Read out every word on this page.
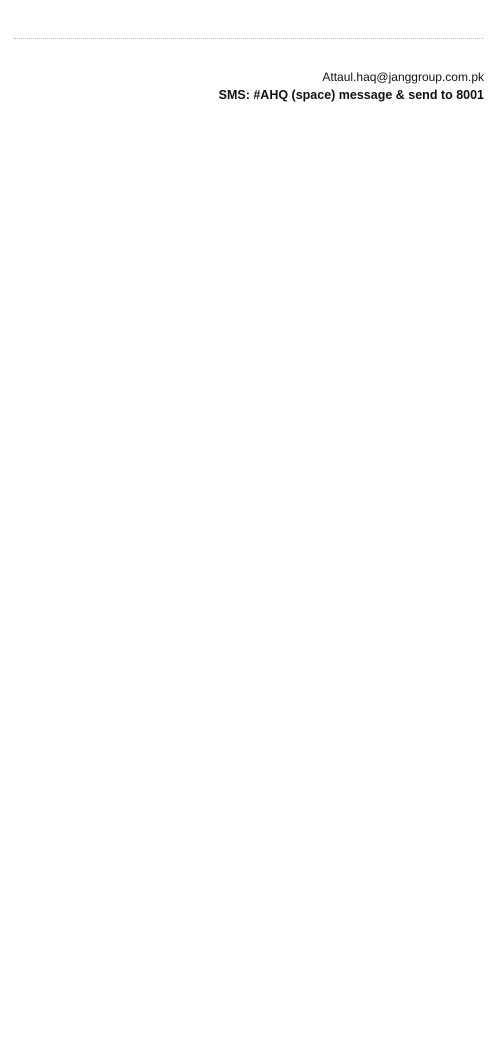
Attaul.haq@janggroup.com.pk
SMS: #AHQ (space) message & send to 8001
